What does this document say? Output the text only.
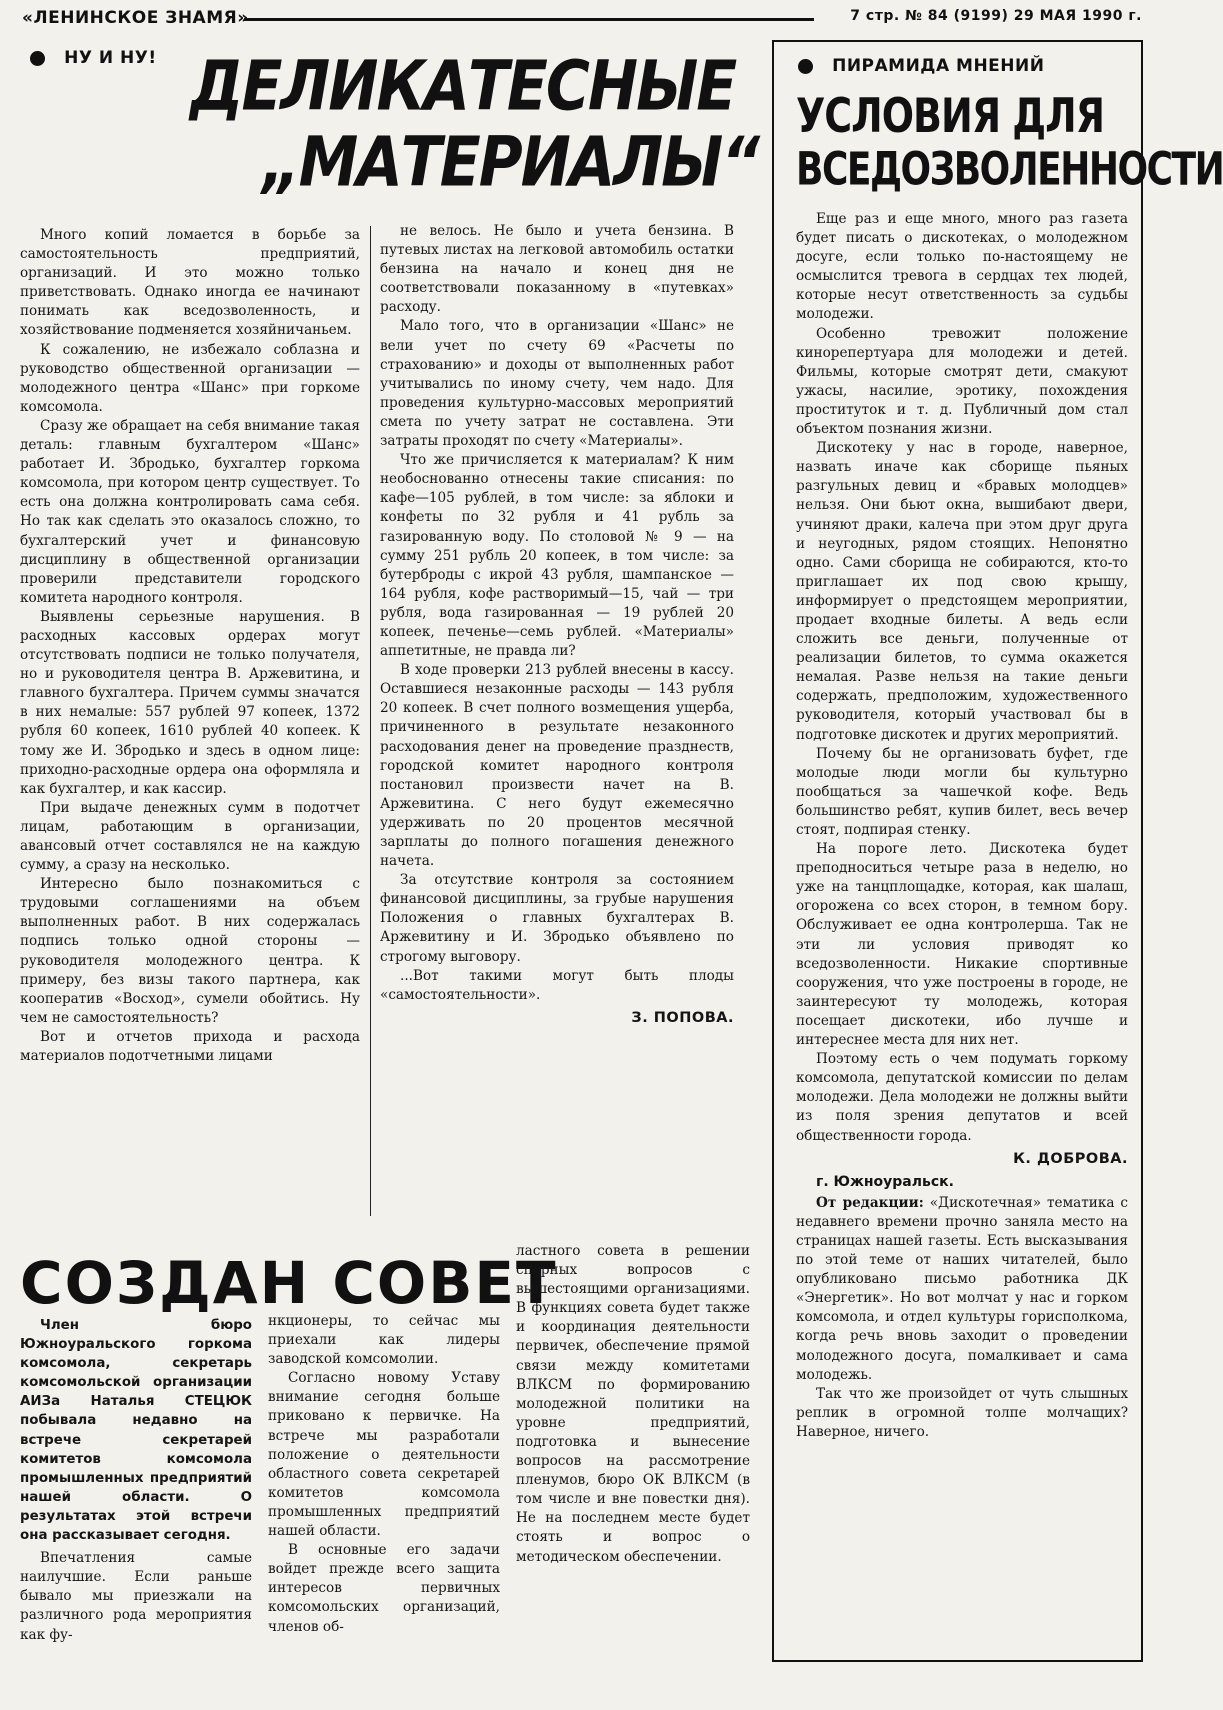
«ЛЕНИНСКОЕ ЗНАМЯ»	7 стр. № 84 (9199) 29 МАЯ 1990 г.
НУ И НУ! ДЕЛИКАТЕСНЫЕ
„МАТЕРИАЛЫ“

Много копий ломается в борьбе за самостоятельность предприятий, организаций. И это можно только приветствовать. Однако иногда ее начинают понимать как вседозволенность, и хозяйствование подменяется хозяйничаньем.

К сожалению, не избежало соблазна и руководство общественной организации — молодежного центра «Шанс» при горкоме комсомола.

Сразу же обращает на себя внимание такая деталь: главным бухгалтером «Шанс» работает И. Збродько, бухгалтер горкома комсомола, при котором центр существует. То есть она должна контролировать сама себя. Но так как сделать это оказалось сложно, то бухгалтерский учет и финансовую дисциплину в общественной организации проверили представители городского комитета народного контроля.

Выявлены серьезные нарушения. В расходных кассовых ордерах могут отсутствовать подписи не только получателя, но и руководителя центра В. Аржевитина, и главного бухгалтера. Причем суммы значатся в них немалые: 557 рублей 97 копеек, 1372 рубля 60 копеек, 1610 рублей 40 копеек. К тому же И. Збродько и здесь в одном лице: приходно-расходные ордера она оформляла и как бухгалтер, и как кассир.

При выдаче денежных сумм в подотчет лицам, работающим в организации, авансовый отчет составлялся не на каждую сумму, а сразу на несколько.

Интересно было познакомиться с трудовыми соглашениями на объем выполненных работ. В них содержалась подпись только одной стороны — руководителя молодежного центра. К примеру, без визы такого партнера, как кооператив «Восход», сумели обойтись. Ну чем не самостоятельность?

Вот и отчетов прихода и расхода материалов подотчетными лицами

не велось. Не было и учета бензина. В путевых листах на легковой автомобиль остатки бензина на начало и конец дня не соответствовали показанному в «путевках» расходу.

Мало того, что в организации «Шанс» не вели учет по счету 69 «Расчеты по страхованию» и доходы от выполненных работ учитывались по иному счету, чем надо. Для проведения культурно-массовых мероприятий смета по учету затрат не составлена. Эти затраты проходят по счету «Материалы».

Что же причисляется к материалам? К ним необоснованно отнесены такие списания: по кафе—105 рублей, в том числе: за яблоки и конфеты по 32 рубля и 41 рубль за газированную воду. По столовой № 9 — на сумму 251 рубль 20 копеек, в том числе: за бутерброды с икрой 43 рубля, шампанское — 164 рубля, кофе растворимый—15, чай — три рубля, вода газированная — 19 рублей 20 копеек, печенье—семь рублей. «Материалы» аппетитные, не правда ли?

В ходе проверки 213 рублей внесены в кассу. Оставшиеся незаконные расходы — 143 рубля 20 копеек. В счет полного возмещения ущерба, причиненного в результате незаконного расходования денег на проведение празднеств, городской комитет народного контроля постановил произвести начет на В. Аржевитина. С него будут ежемесячно удерживать по 20 процентов месячной зарплаты до полного погашения денежного начета.

За отсутствие контроля за состоянием финансовой дисциплины, за грубые нарушения Положения о главных бухгалтерах В. Аржевитину и И. Збродько объявлено по строгому выговору.

...Вот такими могут быть плоды «самостоятельности».

З. ПОПОВА.
ПИРАМИДА МНЕНИЙ
УСЛОВИЯ ДЛЯ
ВСЕДОЗВОЛЕННОСТИ

Еще раз и еще много, много раз газета будет писать о дискотеках, о молодежном досуге, если только по-настоящему не осмыслится тревога в сердцах тех людей, которые несут ответственность за судьбы молодежи.

Особенно тревожит положение кинорепертуара для молодежи и детей. Фильмы, которые смотрят дети, смакуют ужасы, насилие, эротику, похождения проституток и т. д. Публичный дом стал объектом познания жизни.

Дискотеку у нас в городе, наверное, назвать иначе как сборище пьяных разгульных девиц и «бравых молодцев» нельзя. Они бьют окна, вышибают двери, учиняют драки, калеча при этом друг друга и неугодных, рядом стоящих. Непонятно одно. Сами сборища не собираются, кто-то приглашает их под свою крышу, информирует о предстоящем мероприятии, продает входные билеты. А ведь если сложить все деньги, полученные от реализации билетов, то сумма окажется немалая. Разве нельзя на такие деньги содержать, предположим, художественного руководителя, который участвовал бы в подготовке дискотек и других мероприятий.

Почему бы не организовать буфет, где молодые люди могли бы культурно пообщаться за чашечкой кофе. Ведь большинство ребят, купив билет, весь вечер стоят, подпирая стенку.

На пороге лето. Дискотека будет преподноситься четыре раза в неделю, но уже на танцплощадке, которая, как шалаш, огорожена со всех сторон, в темном бору. Обслуживает ее одна контролерша. Так не эти ли условия приводят ко вседозволенности. Никакие спортивные сооружения, что уже построены в городе, не заинтересуют ту молодежь, которая посещает дискотеки, ибо лучше и интереснее места для них нет.

Поэтому есть о чем подумать горкому комсомола, депутатской комиссии по делам молодежи. Дела молодежи не должны выйти из поля зрения депутатов и всей общественности города.

К. ДОБРОВА.
г. Южноуральск.

От редакции: «Дискотечная» тематика с недавнего времени прочно заняла место на страницах нашей газеты. Есть высказывания по этой теме от наших читателей, было опубликовано письмо работника ДК «Энергетик». Но вот молчат у нас и горком комсомола, и отдел культуры горисполкома, когда речь вновь заходит о проведении молодежного досуга, помалкивает и сама молодежь.

Так что же произойдет от чуть слышных реплик в огромной толпе молчащих? Наверное, ничего.

СОЗДАН СОВЕТ

Член бюро Южноуральского горкома комсомола, секретарь комсомольской организации АИЗа Наталья СТЕЦЮК побывала недавно на встрече секретарей комитетов комсомола промышленных предприятий нашей области. О результатах этой встречи она рассказывает сегодня.

Впечатления самые наилучшие. Если раньше бывало мы приезжали на различного рода мероприятия как фу-

нкционеры, то сейчас мы приехали как лидеры заводской комсомолии.

Согласно новому Уставу внимание сегодня больше приковано к первичке. На встрече мы разработали положение о деятельности областного совета секретарей комитетов комсомола промышленных предприятий нашей области.

В основные его задачи войдет прежде всего защита интересов первичных комсомольских организаций, членов об-

ластного совета в решении спорных вопросов с вышестоящими организациями. В функциях совета будет также и координация деятельности первичек, обеспечение прямой связи между комитетами ВЛКСМ по формированию молодежной политики на уровне предприятий, подготовка и вынесение вопросов на рассмотрение пленумов, бюро ОК ВЛКСМ (в том числе и вне повестки дня). Не на последнем месте будет стоять и вопрос о методическом обеспечении.
